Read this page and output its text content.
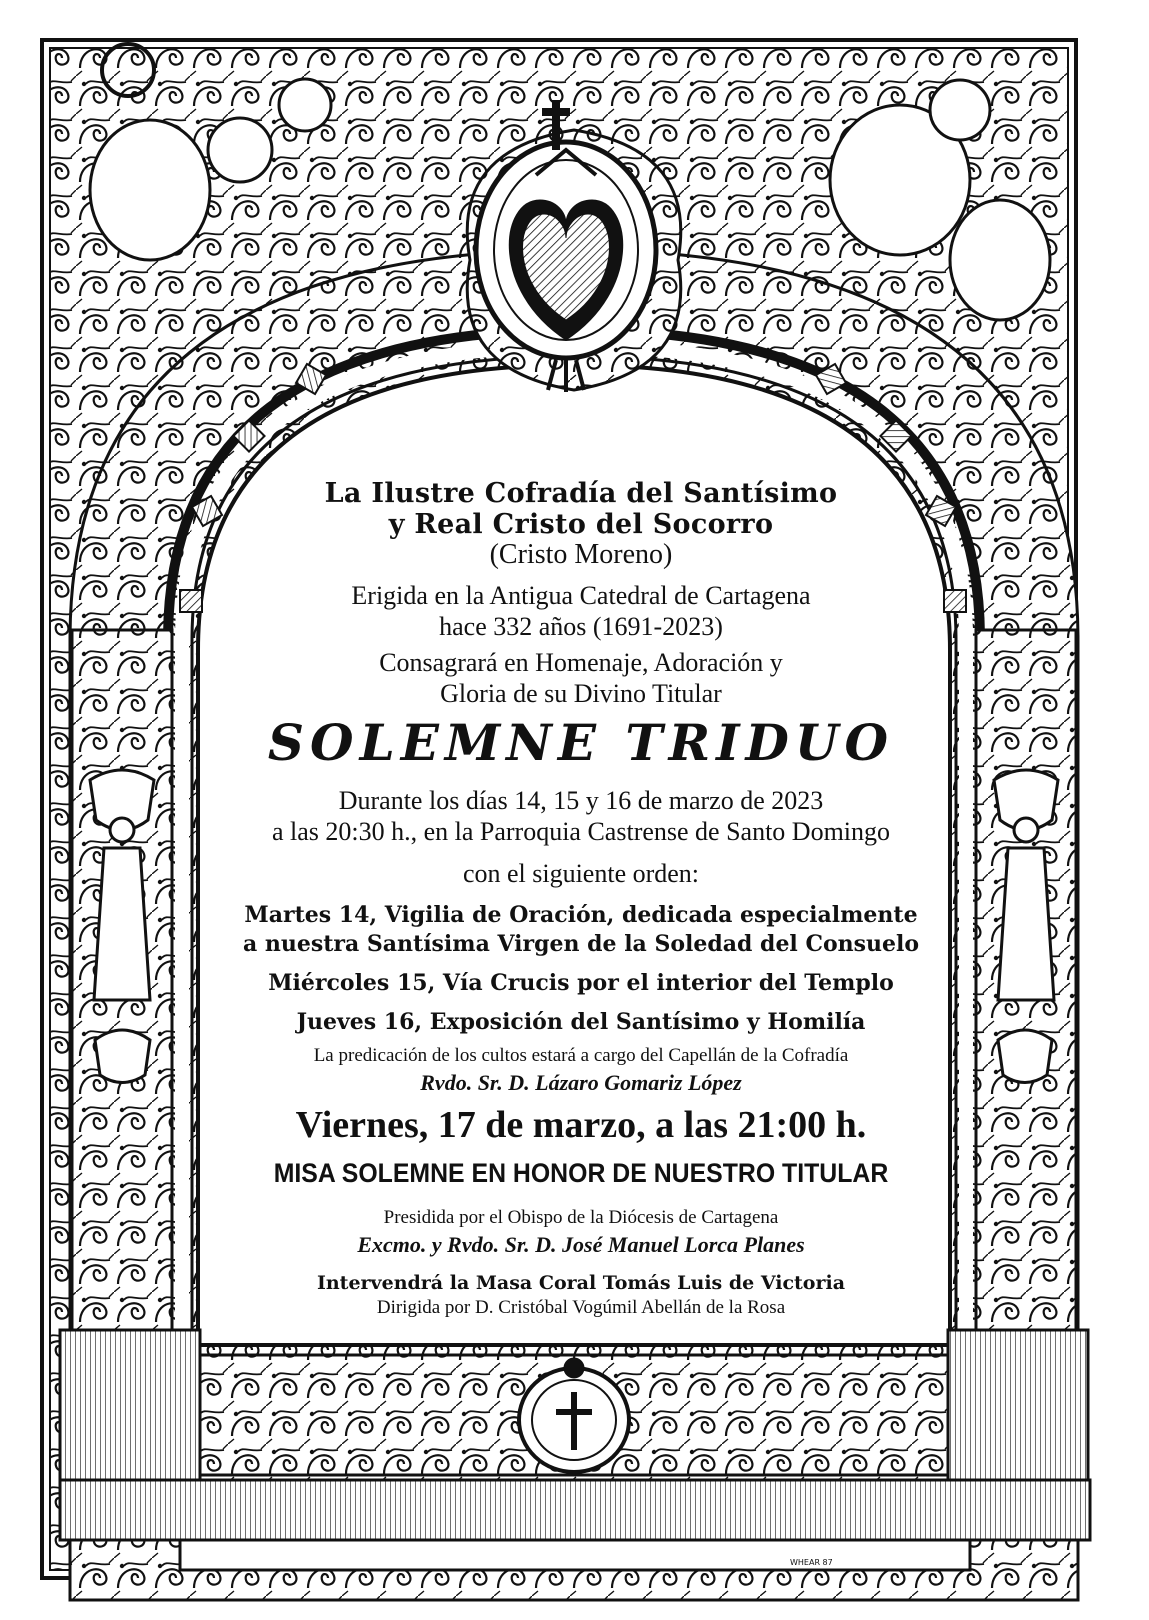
WHEAR 87
La Ilustre Cofradía del Santísimo
y Real Cristo del Socorro
(Cristo Moreno)
Erigida en la Antigua Catedral de Cartagena
hace 332 años (1691-2023)
Consagrará en Homenaje, Adoración y
Gloria de su Divino Titular
SOLEMNE TRIDUO
Durante los días 14, 15 y 16 de marzo de 2023
a las 20:30 h., en la Parroquia Castrense de Santo Domingo
con el siguiente orden:
Martes 14, Vigilia de Oración, dedicada especialmente
a nuestra Santísima Virgen de la Soledad del Consuelo
Miércoles 15, Vía Crucis por el interior del Templo
Jueves 16, Exposición del Santísimo y Homilía
La predicación de los cultos estará a cargo del Capellán de la Cofradía
Rvdo. Sr. D. Lázaro Gomariz López
Viernes, 17 de marzo, a las 21:00 h.
MISA SOLEMNE EN HONOR DE NUESTRO TITULAR
Presidida por el Obispo de la Diócesis de Cartagena
Excmo. y Rvdo. Sr. D. José Manuel Lorca Planes
Intervendrá la Masa Coral Tomás Luis de Victoria
Dirigida por D. Cristóbal Vogúmil Abellán de la Rosa
